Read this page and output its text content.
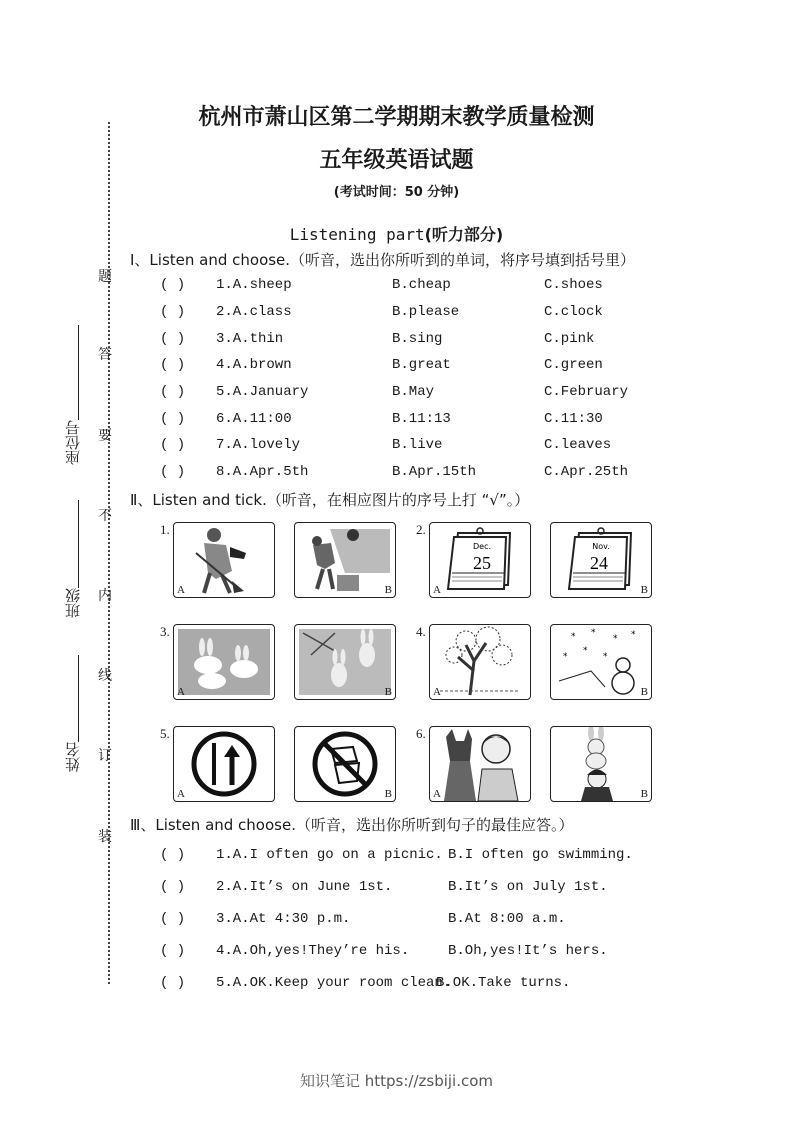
题
答
要
不
内
线
订
装
座位号
班级
姓名
杭州市萧山区第二学期期末教学质量检测
五年级英语试题
(考试时间：50 分钟)
Listening part(听力部分)
Ⅰ、Listen and choose.（听音，选出你所听到的单词，将序号填到括号里）
( ) 1.A.sheep	B.cheap	C.shoes
( ) 2.A.class	B.please	C.clock
( ) 3.A.thin	B.sing	C.pink
( ) 4.A.brown	B.great	C.green
( ) 5.A.January	B.May	C.February
( ) 6.A.11:00	B.11:13	C.11:30
( ) 7.A.lovely	B.live	C.leaves
( ) 8.A.Apr.5th	B.Apr.15th	C.Apr.25th
Ⅱ、Listen and tick.（听音，在相应图片的序号上打 “√”。）
1.
A	B
2.
Dec.
25
A
Nov.
24
B
3.
A	B
4.
A
* *
* *
*
*
*
B
5.
A	B
6.
A	B
Ⅲ、Listen and choose.（听音，选出你所听到句子的最佳应答。）
( ) 1.A.I often go on a picnic. B.I often go swimming.
( ) 2.A.It’s on June 1st.	B.It’s on July 1st.
( ) 3.A.At 4:30 p.m.	B.At 8:00 a.m.
( ) 4.A.Oh,yes!They’re his.	B.Oh,yes!It’s hers.
( ) 5.A.OK.Keep your room clean.
B.OK.Take turns.
知识笔记 https://zsbiji.com
